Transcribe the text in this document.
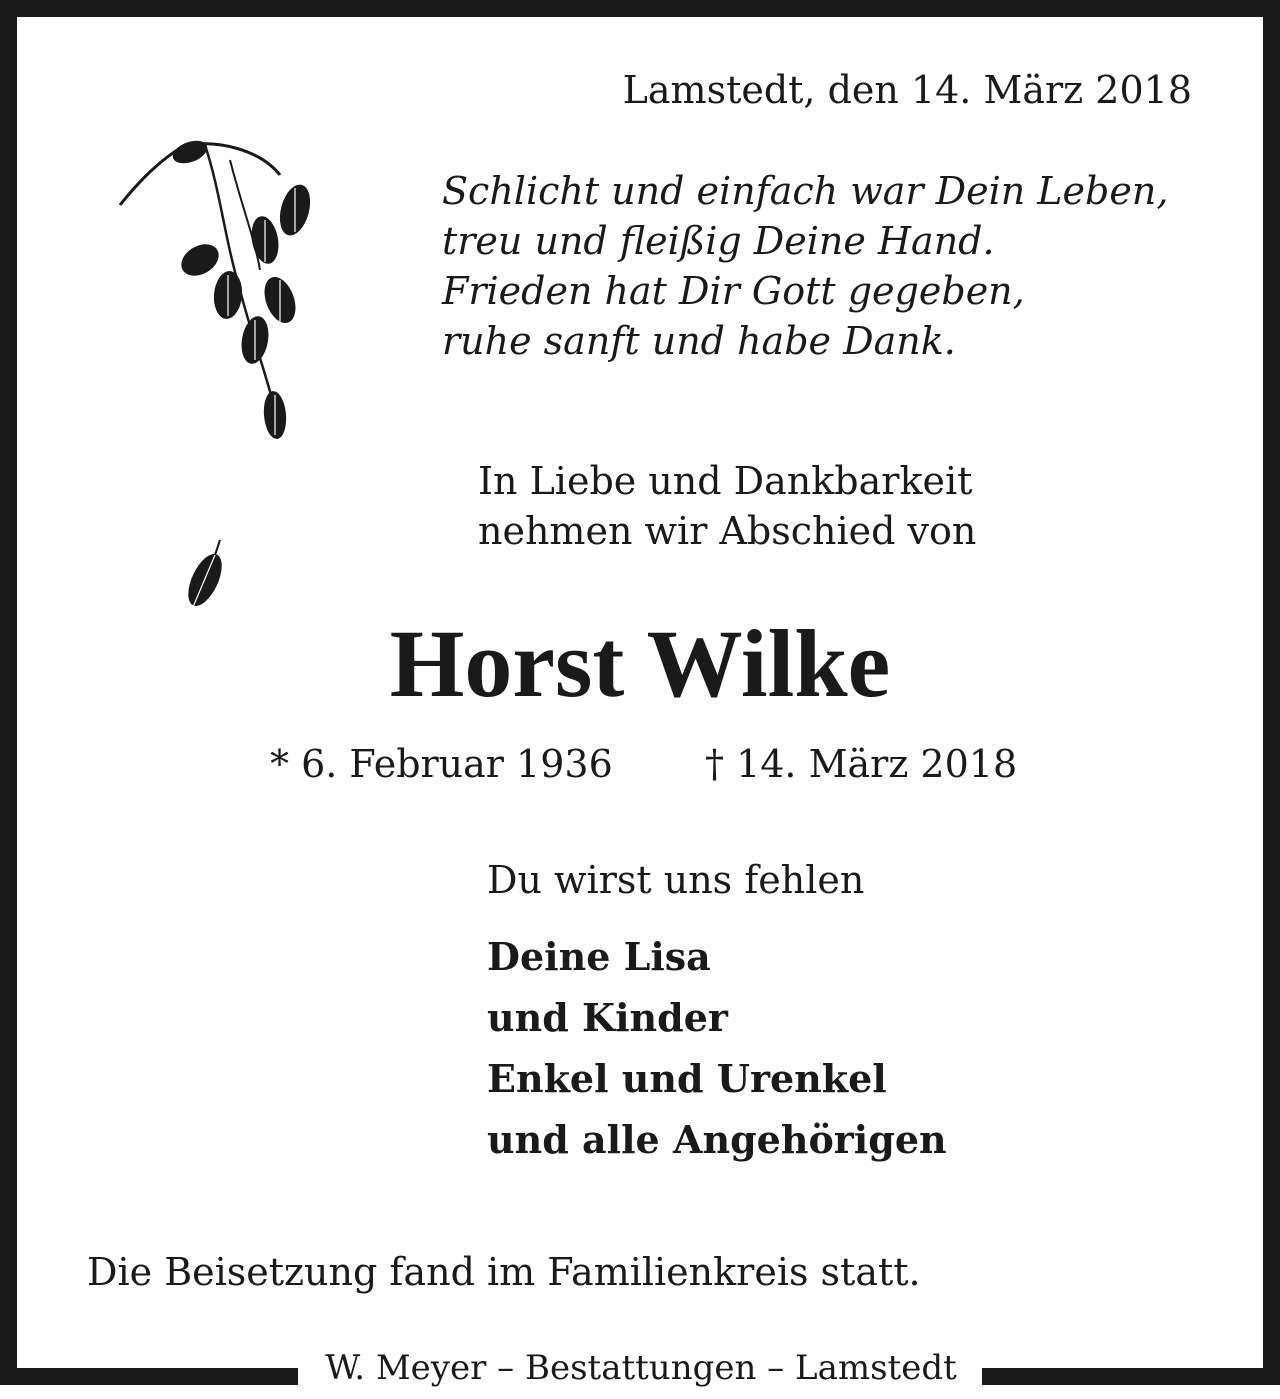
Lamstedt, den 14. März 2018
Schlicht und einfach war Dein Leben,
treu und fleißig Deine Hand.
Frieden hat Dir Gott gegeben,
ruhe sanft und habe Dank.
In Liebe und Dankbarkeit
nehmen wir Abschied von
Horst Wilke
* 6. Februar 1936 † 14. März 2018
Du wirst uns fehlen
Deine Lisa
und Kinder
Enkel und Urenkel
und alle Angehörigen
Die Beisetzung fand im Familienkreis statt.
W. Meyer – Bestattungen – Lamstedt
